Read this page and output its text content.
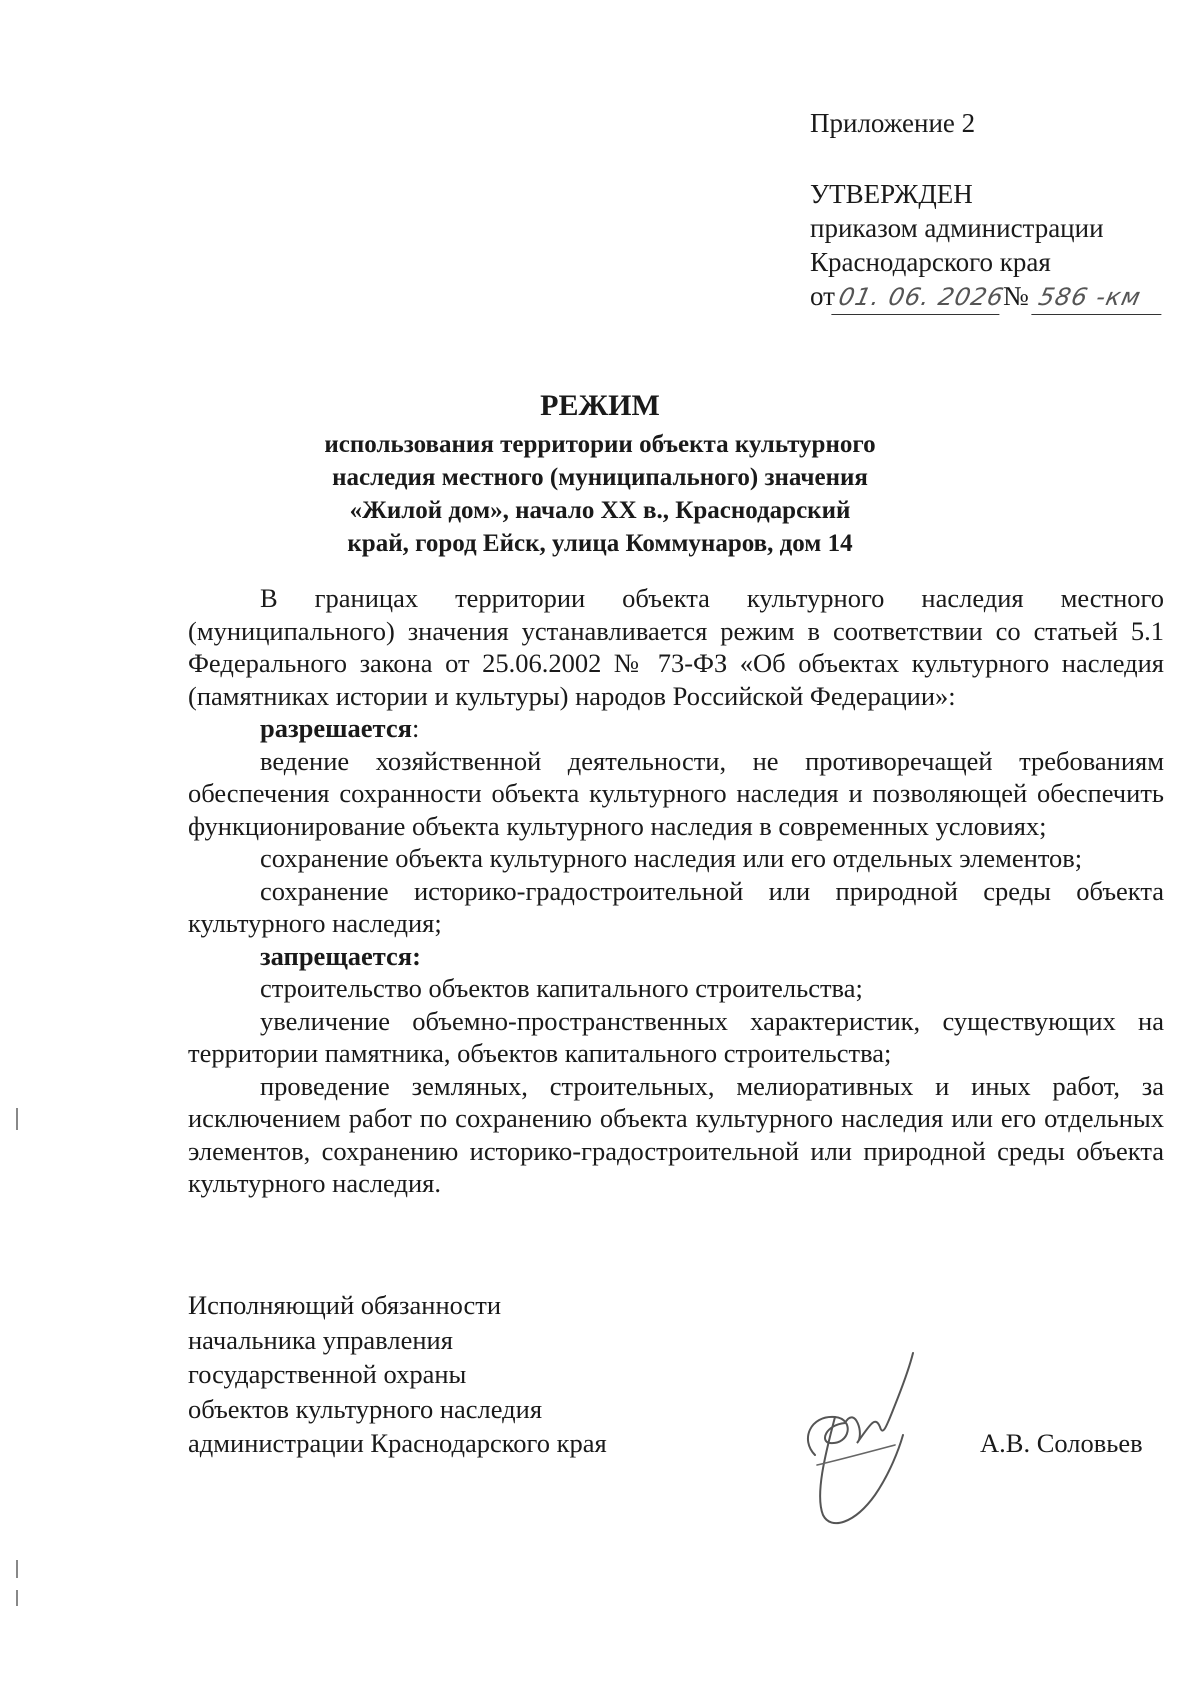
Приложение 2
УТВЕРЖДЕН
приказом администрации
Краснодарского края
от01. 06. 2026№ 586 -км
РЕЖИМ
использования территории объекта культурного
наследия местного (муниципального) значения
«Жилой дом», начало XX в., Краснодарский
край, город Ейск, улица Коммунаров, дом 14

В границах территории объекта культурного наследия местного (муниципального) значения устанавливается режим в соответствии со статьей 5.1 Федерального закона от 25.06.2002 № 73-ФЗ «Об объектах культурного наследия (памятниках истории и культуры) народов Российской Федерации»:

разрешается:

ведение хозяйственной деятельности, не противоречащей требованиям обеспечения сохранности объекта культурного наследия и позволяющей обеспечить функционирование объекта культурного наследия в современных условиях;

сохранение объекта культурного наследия или его отдельных элементов;

сохранение историко-градостроительной или природной среды объекта культурного наследия;

запрещается:

строительство объектов капитального строительства;

увеличение объемно-пространственных характеристик, существующих на территории памятника, объектов капитального строительства;

проведение земляных, строительных, мелиоративных и иных работ, за исключением работ по сохранению объекта культурного наследия или его отдельных элементов, сохранению историко-градостроительной или природной среды объекта культурного наследия.

Исполняющий обязанности
начальника управления
государственной охраны
объектов культурного наследия
администрации Краснодарского края	А.В. Соловьев
